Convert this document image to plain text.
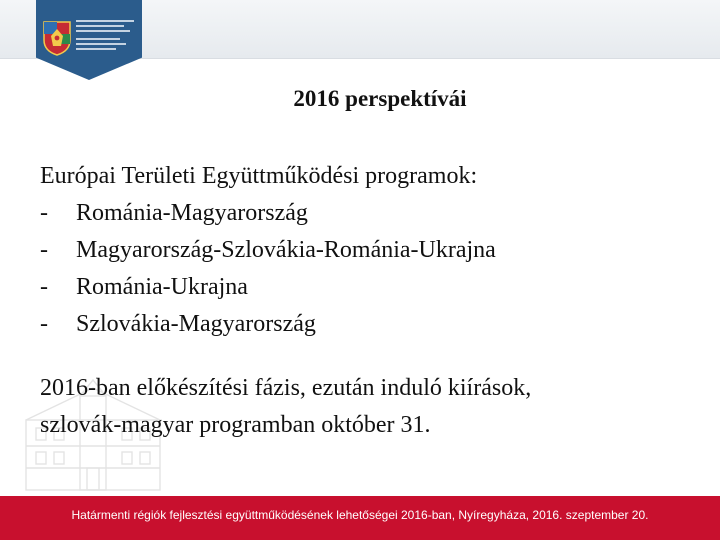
2016 perspektívái

Európai Területi Együttműködési programok:

-	Románia-Magyarország
-	Magyarország-Szlovákia-Románia-Ukrajna
-	Románia-Ukrajna
-	Szlovákia-Magyarország
2016-ban előkészítési fázis, ezután induló kiírások,
szlovák-magyar programban október 31.
Határmenti régiók fejlesztési együttműködésének lehetőségei 2016-ban, Nyíregyháza, 2016. szeptember 20.
